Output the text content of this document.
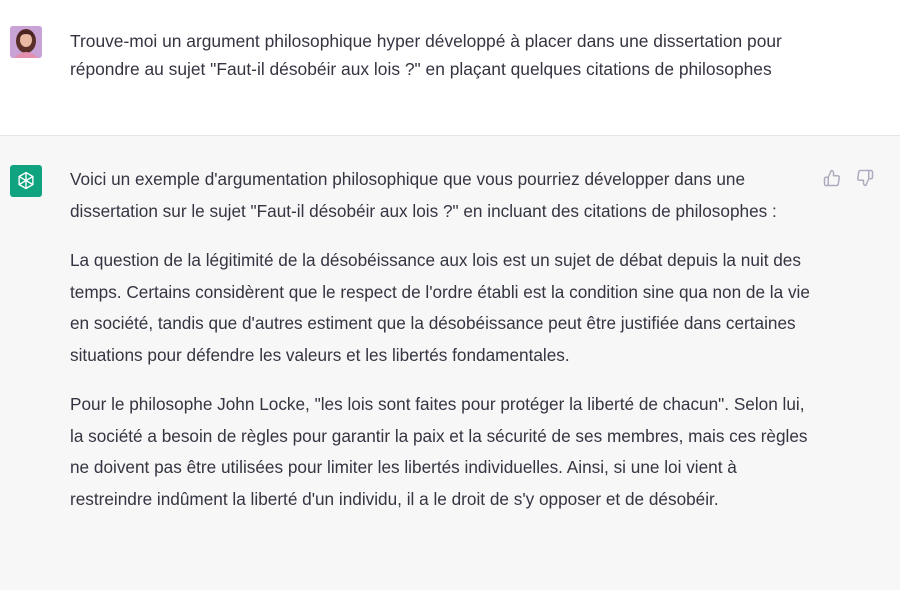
Trouve-moi un argument philosophique hyper développé à placer dans une dissertation pour répondre au sujet "Faut-il désobéir aux lois ?" en plaçant quelques citations de philosophes

Voici un exemple d'argumentation philosophique que vous pourriez développer dans une dissertation sur le sujet "Faut-il désobéir aux lois ?" en incluant des citations de philosophes :

La question de la légitimité de la désobéissance aux lois est un sujet de débat depuis la nuit des temps. Certains considèrent que le respect de l'ordre établi est la condition sine qua non de la vie en société, tandis que d'autres estiment que la désobéissance peut être justifiée dans certaines situations pour défendre les valeurs et les libertés fondamentales.

Pour le philosophe John Locke, "les lois sont faites pour protéger la liberté de chacun". Selon lui, la société a besoin de règles pour garantir la paix et la sécurité de ses membres, mais ces règles ne doivent pas être utilisées pour limiter les libertés individuelles. Ainsi, si une loi vient à restreindre indûment la liberté d'un individu, il a le droit de s'y opposer et de désobéir.
